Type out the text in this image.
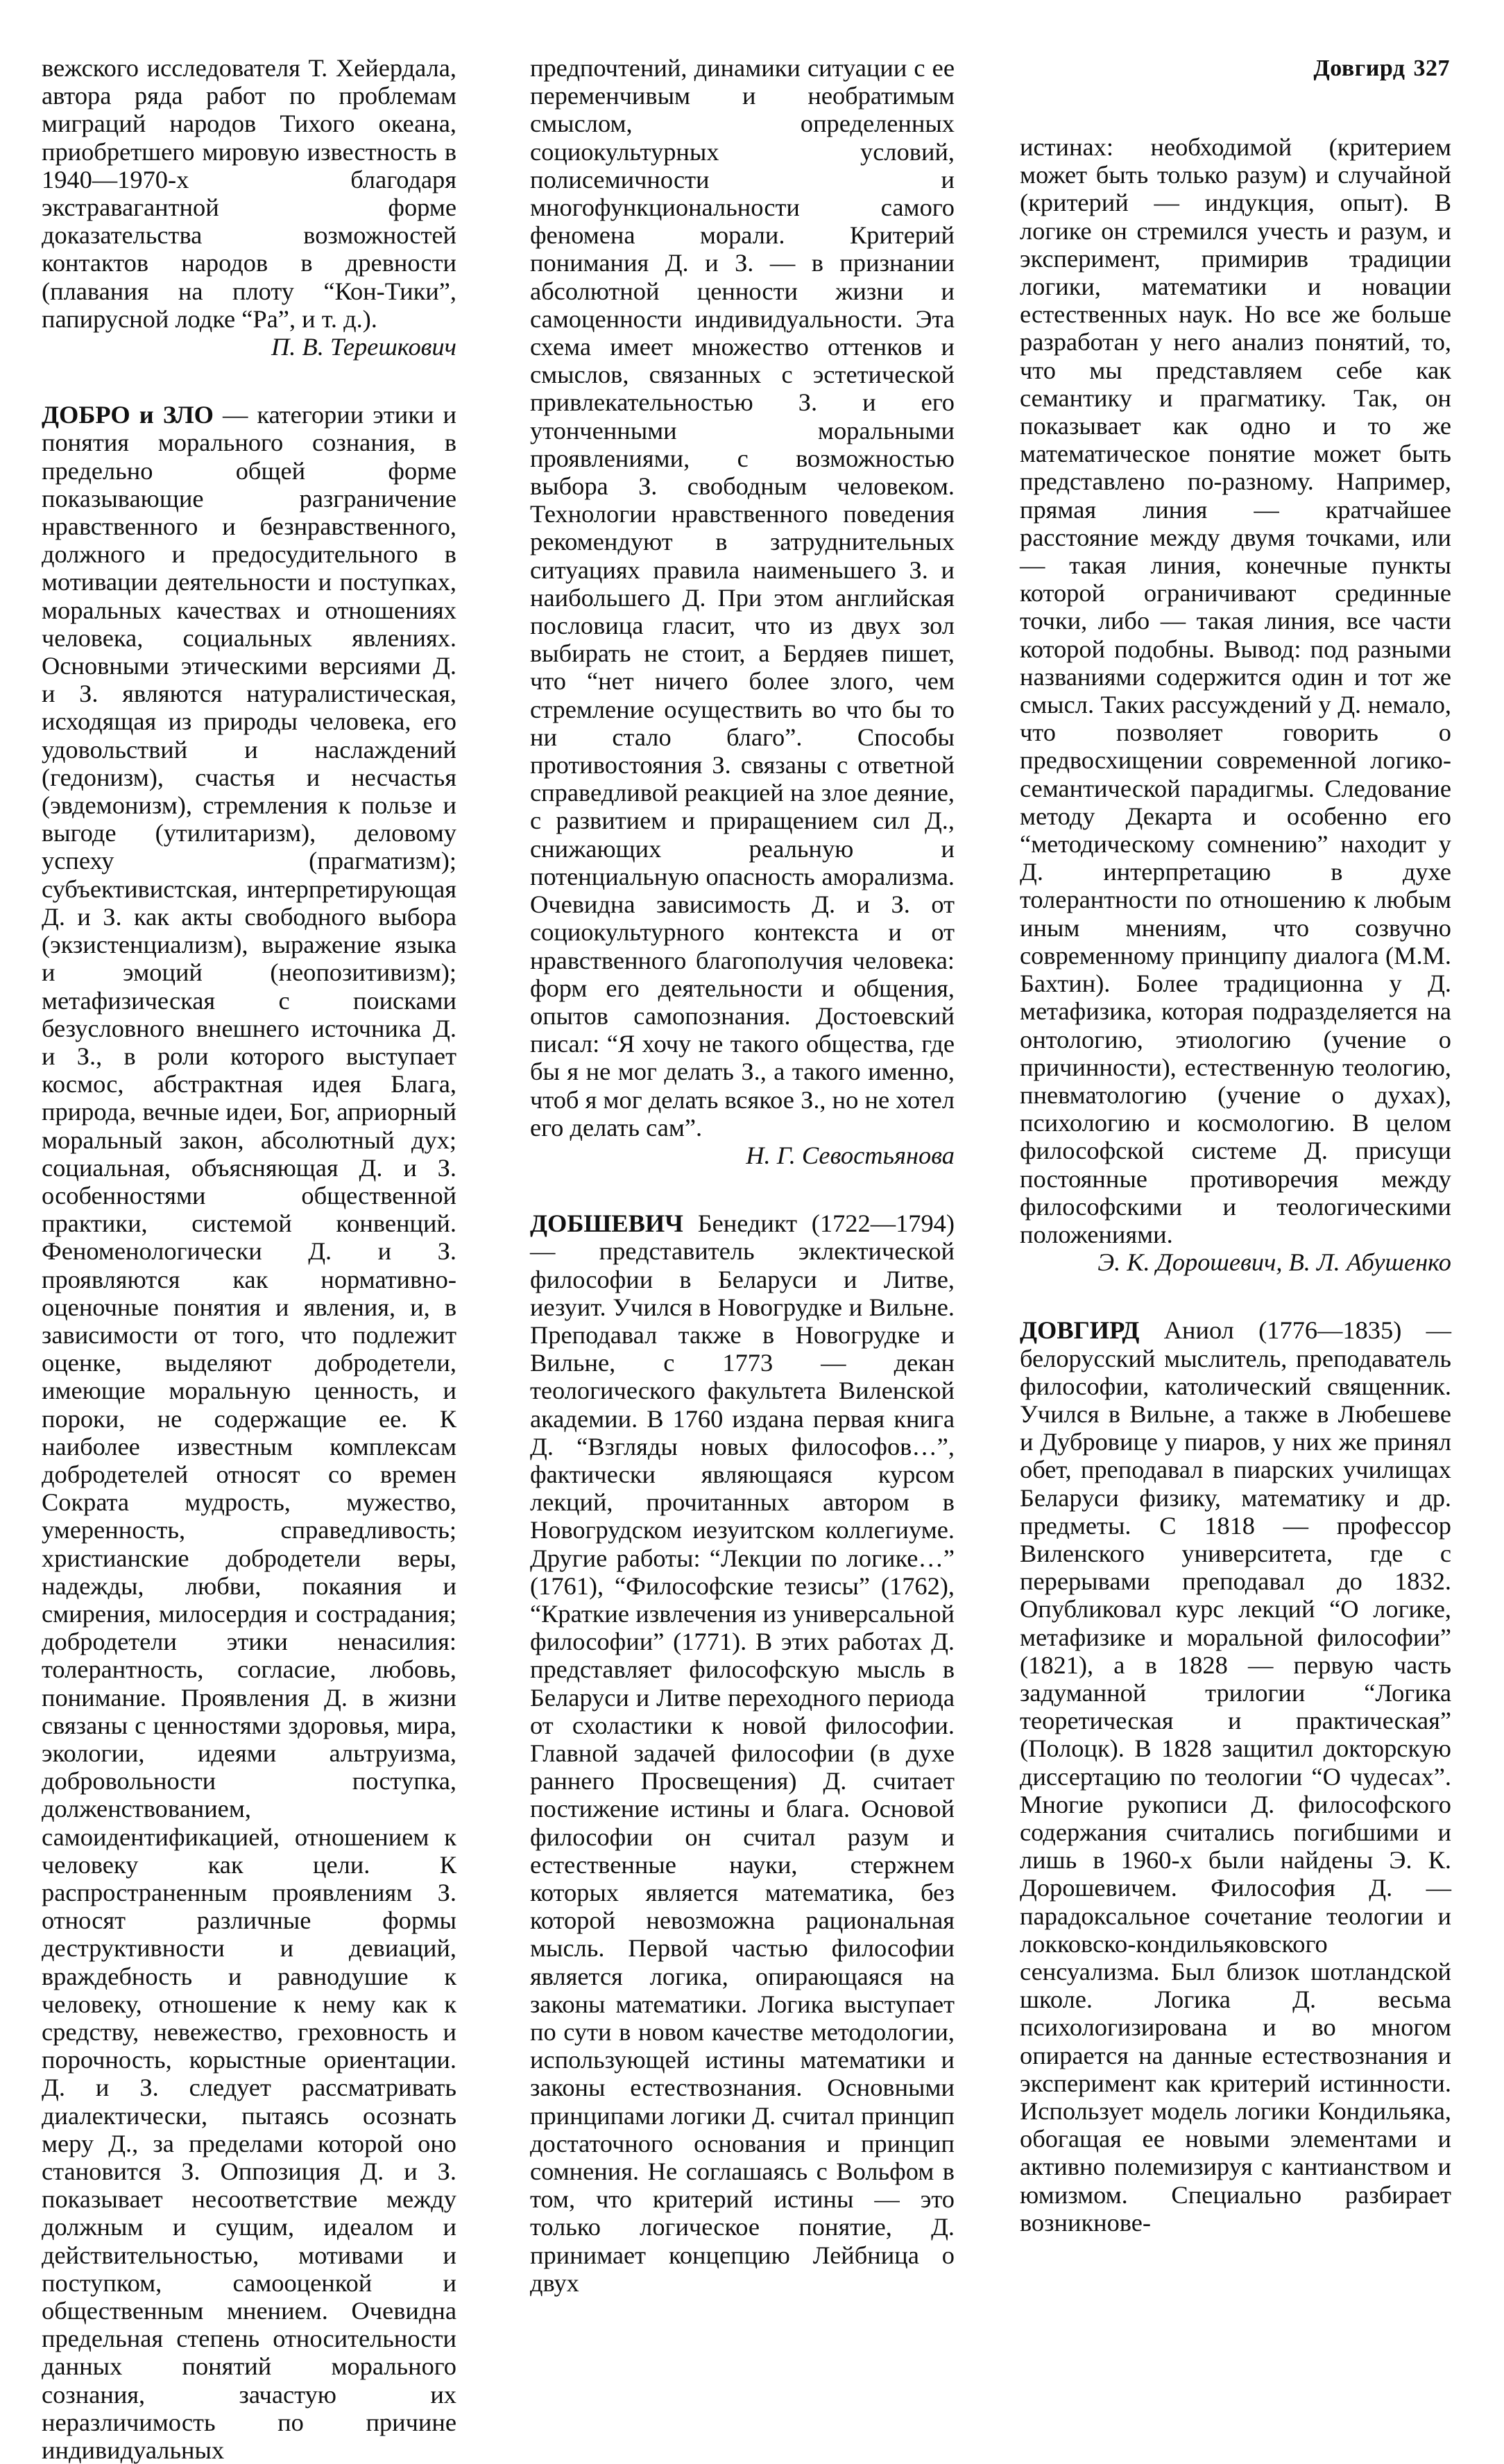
Довгирд 327

вежского исследователя Т. Хейердала, автора ряда работ по проблемам миграций народов Тихого океана, приобретшего мировую известность в 1940—1970-х благодаря экстравагантной форме доказательства возможностей контактов народов в древности (плавания на плоту “Кон-Тики”, папирусной лодке “Ра”, и т. д.).

П. В. Терешкович

ДОБРО и ЗЛО — категории этики и понятия морального сознания, в предельно общей форме показывающие разграничение нравственного и безнравственного, должного и предосудительного в мотивации деятельности и поступках, моральных качествах и отношениях человека, социальных явлениях. Основными этическими версиями Д. и З. являются натуралистическая, исходящая из природы человека, его удовольствий и наслаждений (гедонизм), счастья и несчастья (эвдемонизм), стремления к пользе и выгоде (утилитаризм), деловому успеху (прагматизм); субъективистская, интерпретирующая Д. и З. как акты свободного выбора (экзистенциализм), выражение языка и эмоций (неопозитивизм); метафизическая с поисками безусловного внешнего источника Д. и З., в роли которого выступает космос, абстрактная идея Блага, природа, вечные идеи, Бог, априорный моральный закон, абсолютный дух; социальная, объясняющая Д. и З. особенностями общественной практики, системой конвенций. Феноменологически Д. и З. проявляются как нормативно-оценочные понятия и явления, и, в зависимости от того, что подлежит оценке, выделяют добродетели, имеющие моральную ценность, и пороки, не содержащие ее. К наиболее известным комплексам добродетелей относят со времен Сократа мудрость, мужество, умеренность, справедливость; христианские добродетели веры, надежды, любви, покаяния и смирения, милосердия и сострадания; добродетели этики ненасилия: толерантность, согласие, любовь, понимание. Проявления Д. в жизни связаны с ценностями здоровья, мира, экологии, идеями альтруизма, добровольности поступка, долженствованием, самоидентификацией, отношением к человеку как цели. К распространенным проявлениям З. относят различные формы деструктивности и девиаций, враждебность и равнодушие к человеку, отношение к нему как к средству, невежество, греховность и порочность, корыстные ориентации. Д. и З. следует рассматривать диалектически, пытаясь осознать меру Д., за пределами которой оно становится З. Оппозиция Д. и З. показывает несоответствие между должным и сущим, идеалом и действительностью, мотивами и поступком, самооценкой и общественным мнением. Очевидна предельная степень относительности данных понятий морального сознания, зачастую их неразличимость по причине индивидуальных

предпочтений, динамики ситуации с ее переменчивым и необратимым смыслом, определенных социокультурных условий, полисемичности и многофункциональности самого феномена морали. Критерий понимания Д. и З. — в признании абсолютной ценности жизни и самоценности индивидуальности. Эта схема имеет множество оттенков и смыслов, связанных с эстетической привлекательностью З. и его утонченными моральными проявлениями, с возможностью выбора З. свободным человеком. Технологии нравственного поведения рекомендуют в затруднительных ситуациях правила наименьшего З. и наибольшего Д. При этом английская пословица гласит, что из двух зол выбирать не стоит, а Бердяев пишет, что “нет ничего более злого, чем стремление осуществить во что бы то ни стало благо”. Способы противостояния З. связаны с ответной справедливой реакцией на злое деяние, с развитием и приращением сил Д., снижающих реальную и потенциальную опасность аморализма. Очевидна зависимость Д. и З. от социокультурного контекста и от нравственного благополучия человека: форм его деятельности и общения, опытов самопознания. Достоевский писал: “Я хочу не такого общества, где бы я не мог делать З., а такого именно, чтоб я мог делать всякое З., но не хотел его делать сам”.

Н. Г. Севостьянова

ДОБШЕВИЧ Бенедикт (1722—1794) — представитель эклектической философии в Беларуси и Литве, иезуит. Учился в Новогрудке и Вильне. Преподавал также в Новогрудке и Вильне, с 1773 — декан теологического факультета Виленской академии. В 1760 издана первая книга Д. “Взгляды новых философов…”, фактически являющаяся курсом лекций, прочитанных автором в Новогрудском иезуитском коллегиуме. Другие работы: “Лекции по логике…” (1761), “Философские тезисы” (1762), “Краткие извлечения из универсальной философии” (1771). В этих работах Д. представляет философскую мысль в Беларуси и Литве переходного периода от схоластики к новой философии. Главной задачей философии (в духе раннего Просвещения) Д. считает постижение истины и блага. Основой философии он считал разум и естественные науки, стержнем которых является математика, без которой невозможна рациональная мысль. Первой частью философии является логика, опирающаяся на законы математики. Логика выступает по сути в новом качестве методологии, использующей истины математики и законы естествознания. Основными принципами логики Д. считал принцип достаточного основания и принцип сомнения. Не соглашаясь с Вольфом в том, что критерий истины — это только логическое понятие, Д. принимает концепцию Лейбница о двух

истинах: необходимой (критерием может быть только разум) и случайной (критерий — индукция, опыт). В логике он стремился учесть и разум, и эксперимент, примирив традиции логики, математики и новации естественных наук. Но все же больше разработан у него анализ понятий, то, что мы представляем себе как семантику и прагматику. Так, он показывает как одно и то же математическое понятие может быть представлено по-разному. Например, прямая линия — кратчайшее расстояние между двумя точками, или — такая линия, конечные пункты которой ограничивают срединные точки, либо — такая линия, все части которой подобны. Вывод: под разными названиями содержится один и тот же смысл. Таких рассуждений у Д. немало, что позволяет говорить о предвосхищении современной логико-семантической парадигмы. Следование методу Декарта и особенно его “методическому сомнению” находит у Д. интерпретацию в духе толерантности по отношению к любым иным мнениям, что созвучно современному принципу диалога (М.М. Бахтин). Более традиционна у Д. метафизика, которая подразделяется на онтологию, этиологию (учение о причинности), естественную теологию, пневматологию (учение о духах), психологию и космологию. В целом философской системе Д. присущи постоянные противоречия между философскими и теологическими положениями.

Э. К. Дорошевич, В. Л. Абушенко

ДОВГИРД Аниол (1776—1835) — белорусский мыслитель, преподаватель философии, католический священник. Учился в Вильне, а также в Любешеве и Дубровице у пиаров, у них же принял обет, преподавал в пиарских училищах Беларуси физику, математику и др. предметы. С 1818 — профессор Виленского университета, где с перерывами преподавал до 1832. Опубликовал курс лекций “О логике, метафизике и моральной философии” (1821), а в 1828 — первую часть задуманной трилогии “Логика теоретическая и практическая” (Полоцк). В 1828 защитил докторскую диссертацию по теологии “О чудесах”. Многие рукописи Д. философского содержания считались погибшими и лишь в 1960-х были найдены Э. К. Дорошевичем. Философия Д. — парадоксальное сочетание теологии и локковско-кондильяковского сенсуализма. Был близок шотландской школе. Логика Д. весьма психологизирована и во многом опирается на данные естествознания и эксперимент как критерий истинности. Использует модель логики Кондильяка, обогащая ее новыми элементами и активно полемизируя с кантианством и юмизмом. Специально разбирает возникнове-
